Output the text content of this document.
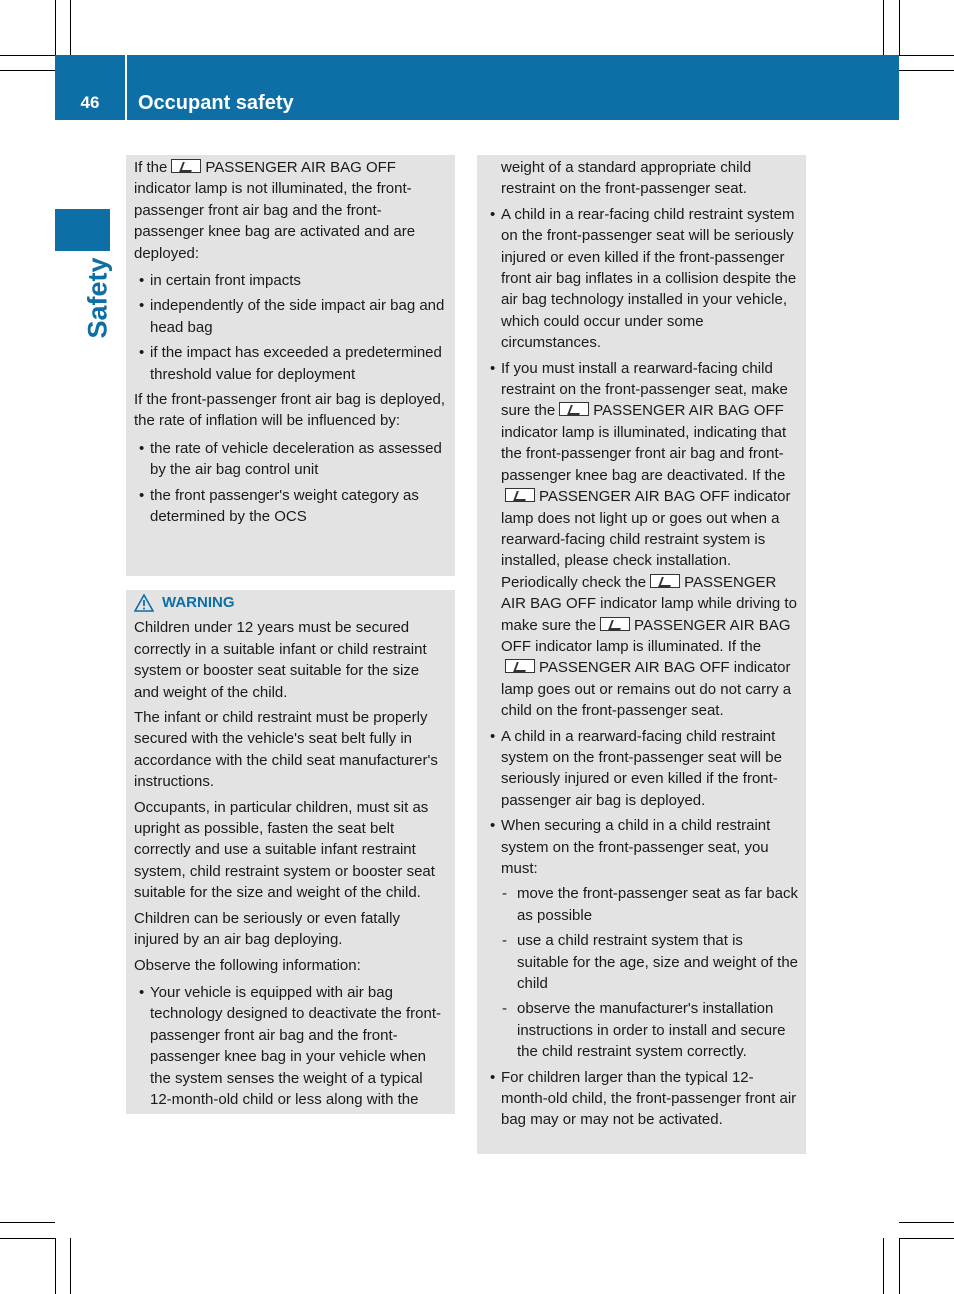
46	Occupant safety
Safety

If the	PASSENGER AIR BAG OFF indicator lamp is not illuminated, the front-passenger front air bag and the front-passenger knee bag are activated and are deployed:

• in certain front impacts
• independently of the side impact air bag and head bag
• if the impact has exceeded a predetermined threshold value for deployment

If the front-passenger front air bag is deployed, the rate of inflation will be influenced by:

• the rate of vehicle deceleration as assessed by the air bag control unit
• the front passenger's weight category as determined by the OCS
WARNING

Children under 12 years must be secured correctly in a suitable infant or child restraint system or booster seat suitable for the size and weight of the child.

The infant or child restraint must be properly secured with the vehicle's seat belt fully in accordance with the child seat manufacturer's instructions.

Occupants, in particular children, must sit as upright as possible, fasten the seat belt correctly and use a suitable infant restraint system, child restraint system or booster seat suitable for the size and weight of the child.

Children can be seriously or even fatally injured by an air bag deploying.

Observe the following information:

• Your vehicle is equipped with air bag technology designed to deactivate the front-passenger front air bag and the front-passenger knee bag in your vehicle when the system senses the weight of a typical 12-month-old child or less along with the

weight of a standard appropriate child restraint on the front-passenger seat.

• A child in a rear-facing child restraint system on the front-passenger seat will be seriously injured or even killed if the front-passenger front air bag inflates in a collision despite the air bag technology installed in your vehicle, which could occur under some circumstances.
• If you must install a rearward-facing child restraint on the front-passenger seat, make sure the	PASSENGER AIR BAG OFF indicator lamp is illuminated, indicating that the front-passenger front air bag and front-passenger knee bag are deactivated. If thePASSENGER AIR BAG OFF indicator lamp does not light up or goes out when a rearward-facing child restraint system is installed, please check installation. Periodically check the	PASSENGER AIR BAG OFF indicator lamp while driving to make sure the	PASSENGER AIR BAG OFF indicator lamp is illuminated. If thePASSENGER AIR BAG OFF indicator lamp goes out or remains out do not carry a child on the front-passenger seat.
• A child in a rearward-facing child restraint system on the front-passenger seat will be seriously injured or even killed if the front-passenger air bag is deployed.
• When securing a child in a child restraint system on the front-passenger seat, you must:
- move the front-passenger seat as far back as possible
- use a child restraint system that is suitable for the age, size and weight of the child
- observe the manufacturer's installation instructions in order to install and secure the child restraint system correctly.
• For children larger than the typical 12-month-old child, the front-passenger front air bag may or may not be activated.
